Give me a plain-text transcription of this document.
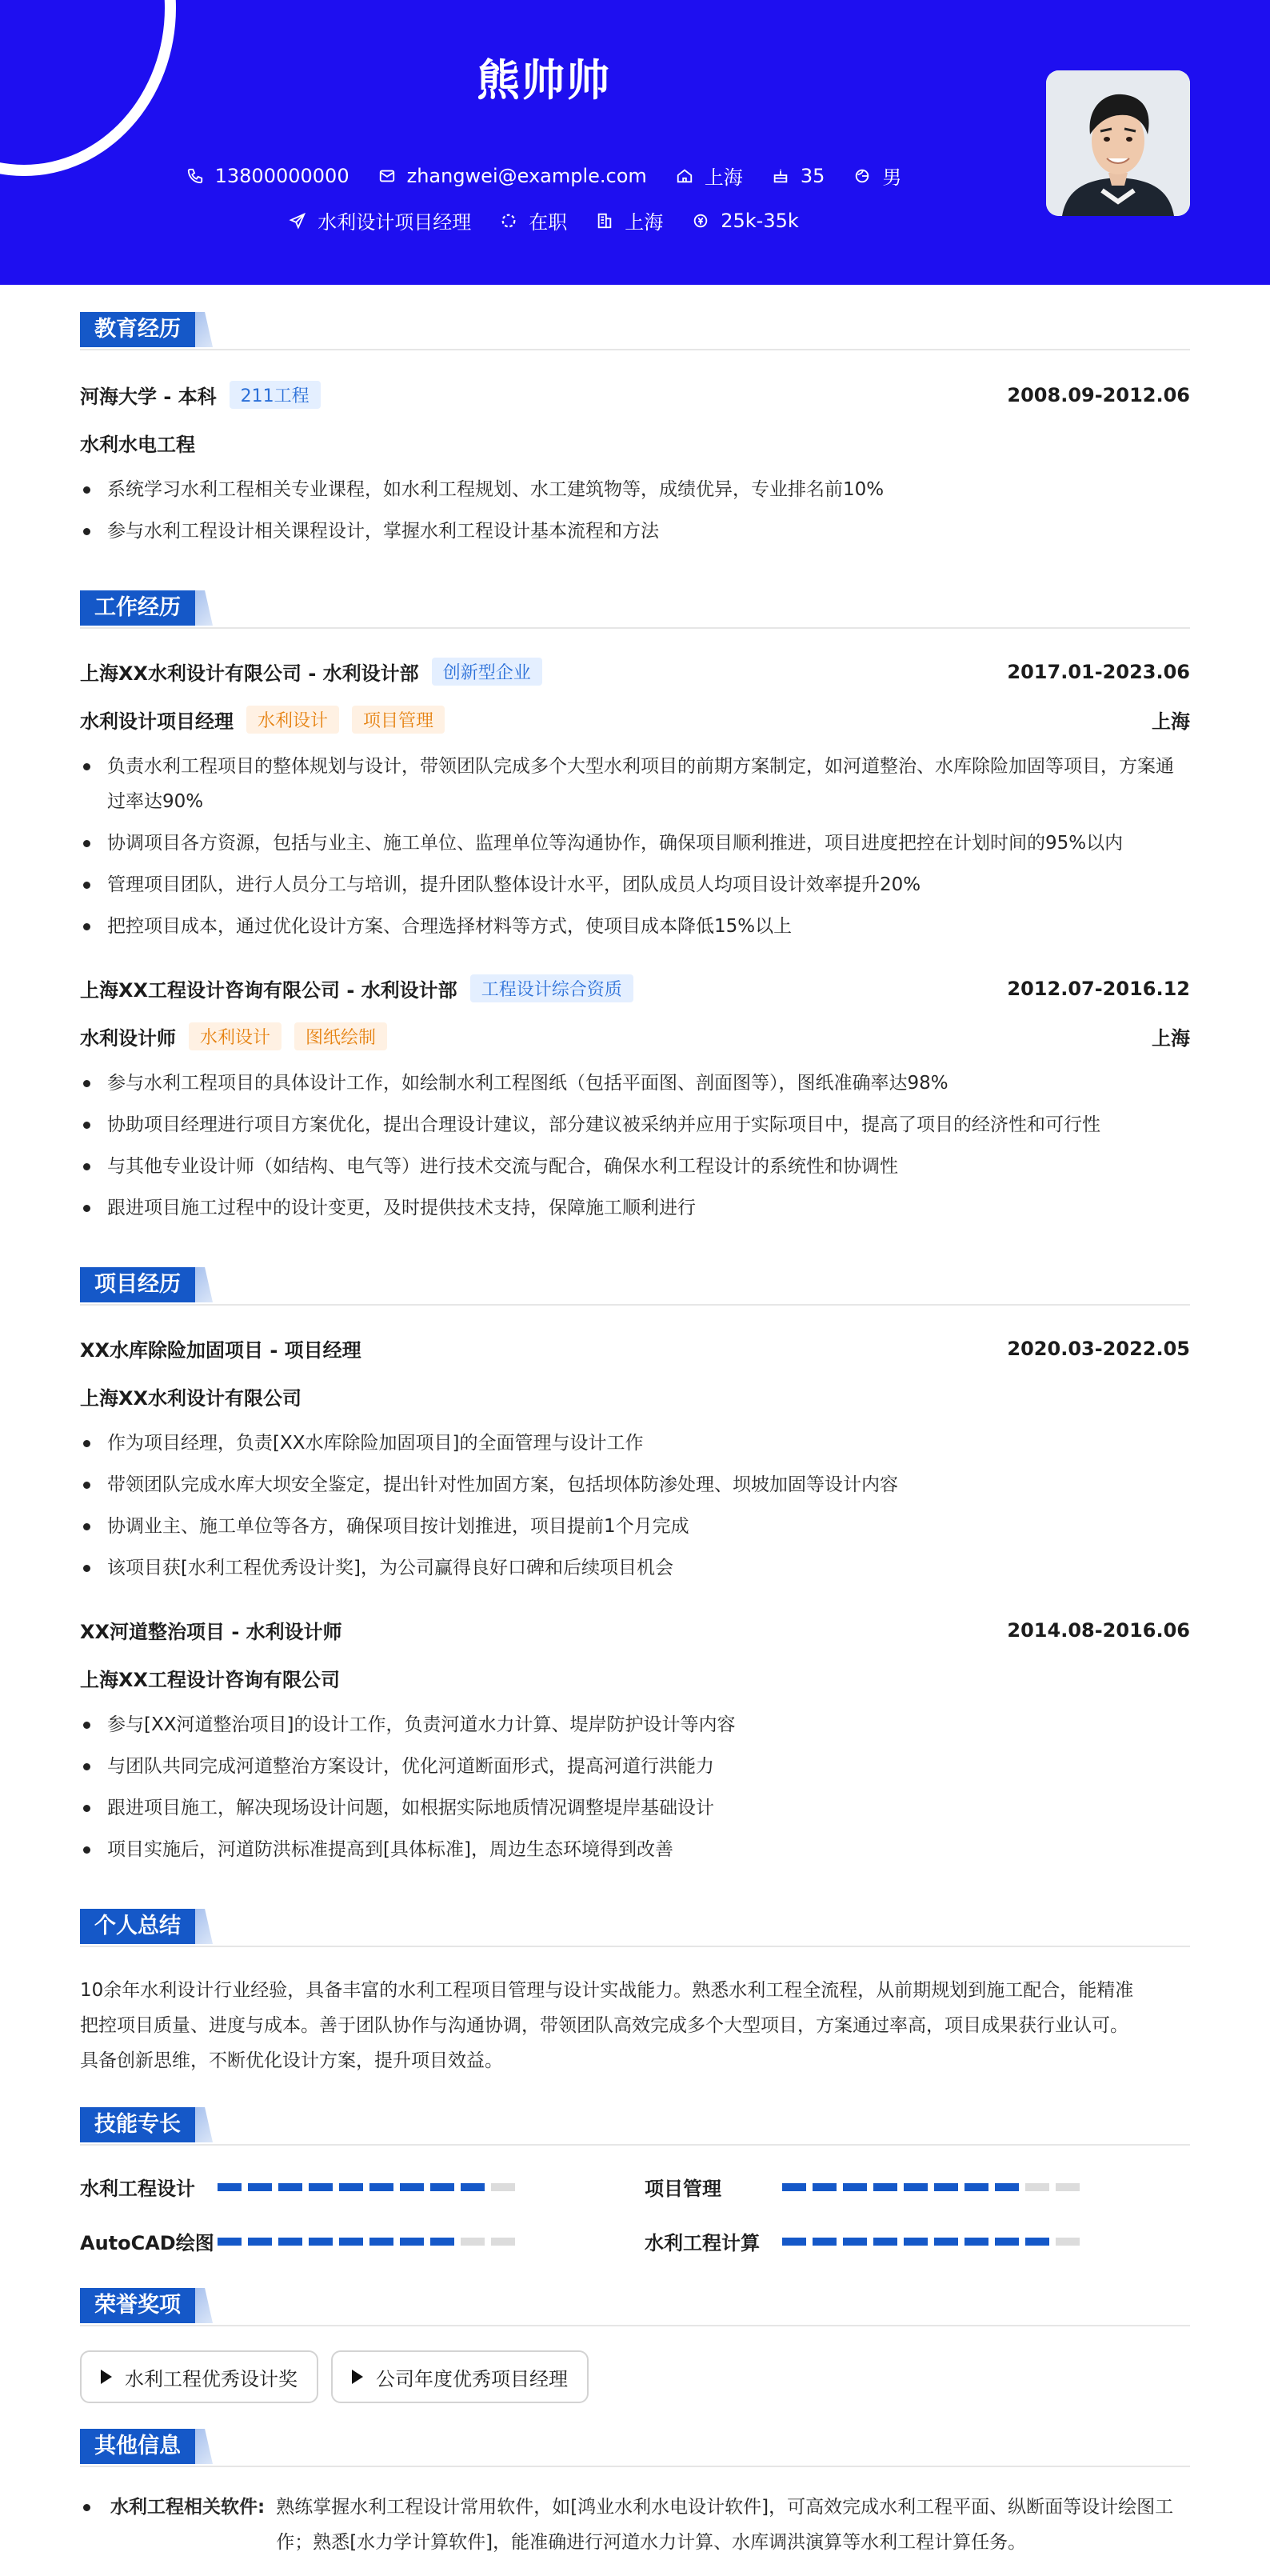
熊帅帅
13800000000	zhangwei@example.com	上海	35	男
水利设计项目经理	在职	上海	25k-35k
教育经历
河海大学 - 本科	211工程	2008.09-2012.06
水利水电工程
系统学习水利工程相关专业课程，如水利工程规划、水工建筑物等，成绩优异，专业排名前10%
参与水利工程设计相关课程设计，掌握水利工程设计基本流程和方法
工作经历
上海XX水利设计有限公司 - 水利设计部	创新型企业	2017.01-2023.06
水利设计项目经理	水利设计	项目管理	上海
负责水利工程项目的整体规划与设计，带领团队完成多个大型水利项目的前期方案制定，如河道整治、水库除险加固等项目，方案通过率达90%
协调项目各方资源，包括与业主、施工单位、监理单位等沟通协作，确保项目顺利推进，项目进度把控在计划时间的95%以内
管理项目团队，进行人员分工与培训，提升团队整体设计水平，团队成员人均项目设计效率提升20%
把控项目成本，通过优化设计方案、合理选择材料等方式，使项目成本降低15%以上
上海XX工程设计咨询有限公司 - 水利设计部	工程设计综合资质	2012.07-2016.12
水利设计师	水利设计	图纸绘制	上海
参与水利工程项目的具体设计工作，如绘制水利工程图纸（包括平面图、剖面图等），图纸准确率达98%
协助项目经理进行项目方案优化，提出合理设计建议，部分建议被采纳并应用于实际项目中，提高了项目的经济性和可行性
与其他专业设计师（如结构、电气等）进行技术交流与配合，确保水利工程设计的系统性和协调性
跟进项目施工过程中的设计变更，及时提供技术支持，保障施工顺利进行
项目经历
XX水库除险加固项目 - 项目经理	2020.03-2022.05
上海XX水利设计有限公司
作为项目经理，负责[XX水库除险加固项目]的全面管理与设计工作
带领团队完成水库大坝安全鉴定，提出针对性加固方案，包括坝体防渗处理、坝坡加固等设计内容
协调业主、施工单位等各方，确保项目按计划推进，项目提前1个月完成
该项目获[水利工程优秀设计奖]，为公司赢得良好口碑和后续项目机会
XX河道整治项目 - 水利设计师	2014.08-2016.06
上海XX工程设计咨询有限公司
参与[XX河道整治项目]的设计工作，负责河道水力计算、堤岸防护设计等内容
与团队共同完成河道整治方案设计，优化河道断面形式，提高河道行洪能力
跟进项目施工，解决现场设计问题，如根据实际地质情况调整堤岸基础设计
项目实施后，河道防洪标准提高到[具体标准]，周边生态环境得到改善
个人总结
10余年水利设计行业经验，具备丰富的水利工程项目管理与设计实战能力。熟悉水利工程全流程，从前期规划到施工配合，能精准
把控项目质量、进度与成本。善于团队协作与沟通协调，带领团队高效完成多个大型项目，方案通过率高，项目成果获行业认可。
具备创新思维，不断优化设计方案，提升项目效益。
技能专长
水利工程设计	项目管理
AutoCAD绘图	水利工程计算
荣誉奖项
水利工程优秀设计奖	公司年度优秀项目经理
其他信息
水利工程相关软件: 熟练掌握水利工程设计常用软件，如[鸿业水利水电设计软件]，可高效完成水利工程平面、纵断面等设计绘图工作；熟悉[水力学计算软件]，能准确进行河道水力计算、水库调洪演算等水利工程计算任务。
